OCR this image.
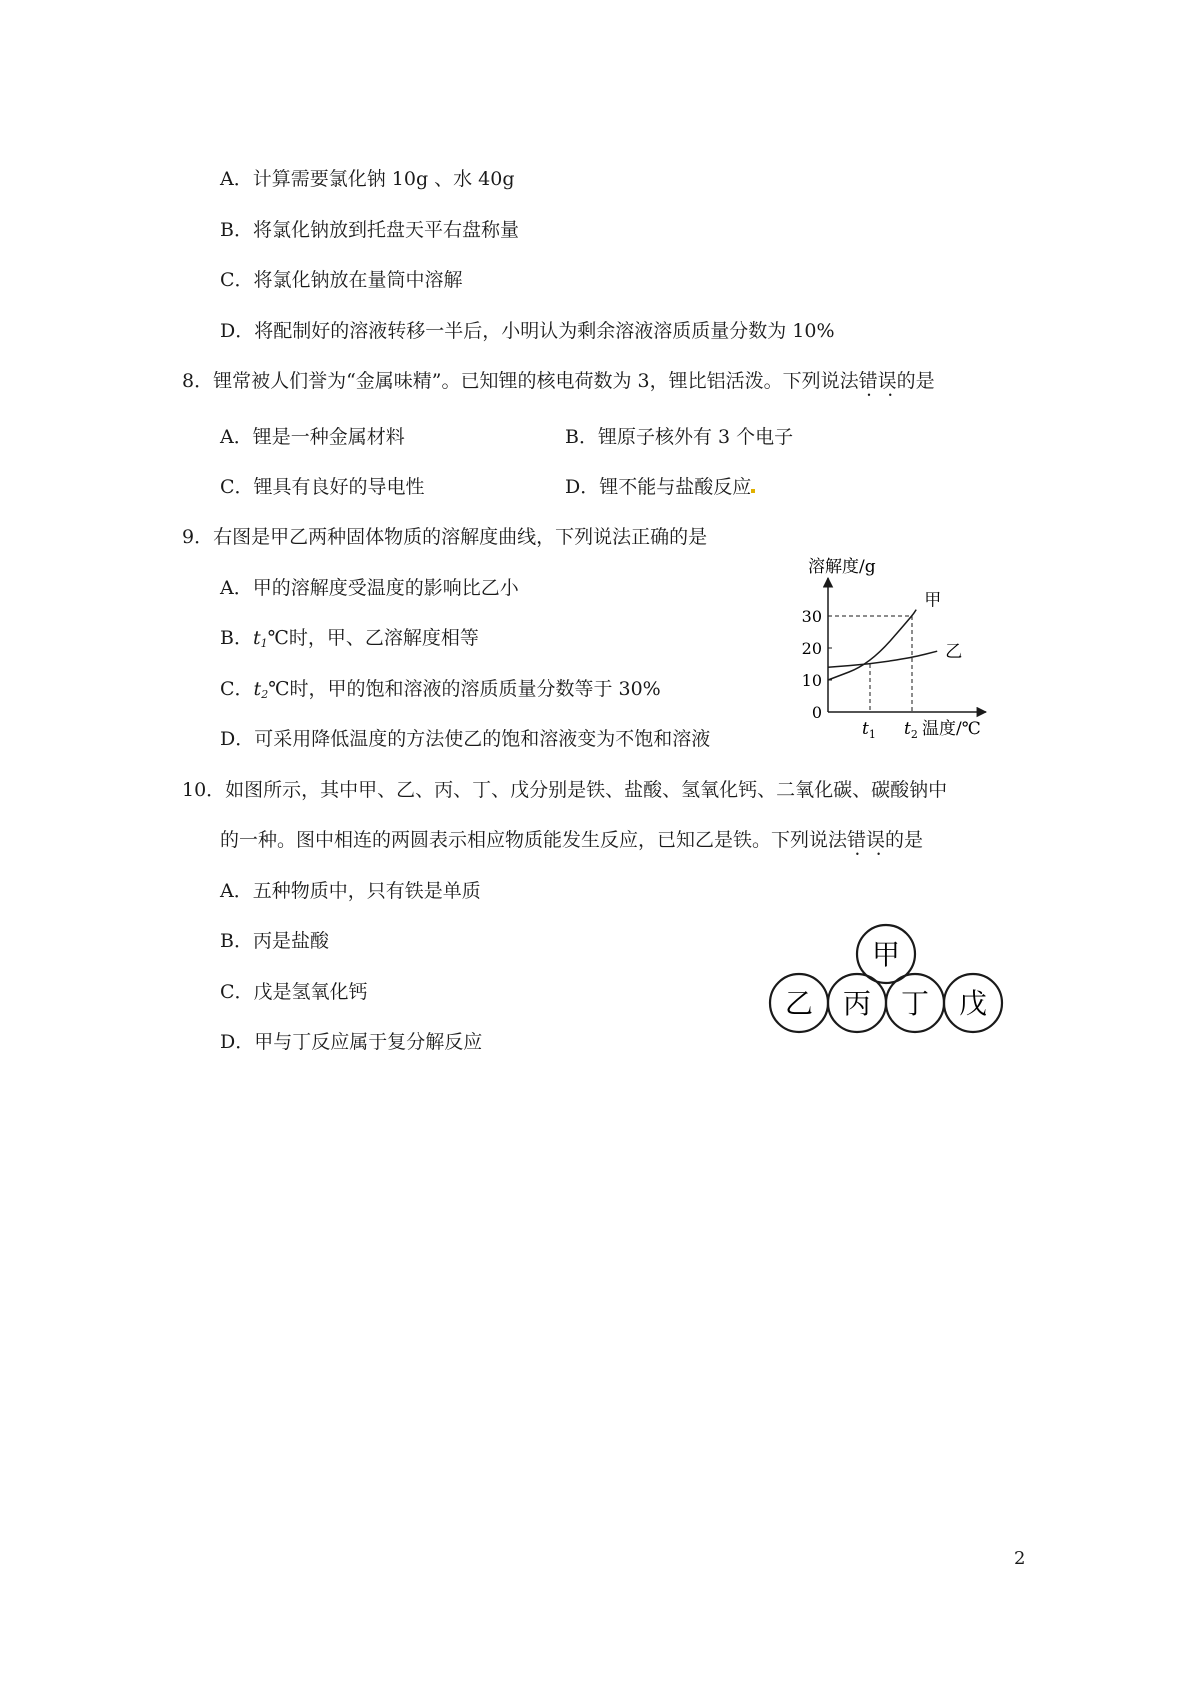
A．计算需要氯化钠 10g 、水 40g
B．将氯化钠放到托盘天平右盘称量
C．将氯化钠放在量筒中溶解
D．将配制好的溶液转移一半后，小明认为剩余溶液溶质质量分数为 10%
8．锂常被人们誉为“金属味精”。已知锂的核电荷数为 3，锂比铝活泼。下列说法错误 • •的是
A．锂是一种金属材料	B．锂原子核外有 3 个电子
C．锂具有良好的导电性	D．锂不能与盐酸反应
9．右图是甲乙两种固体物质的溶解度曲线，下列说法正确的是
A．甲的溶解度受温度的影响比乙小
B．$t_1℃$时，甲、乙溶解度相等
C．$t_2℃$时，甲的饱和溶液的溶质质量分数等于 30%
D．可采用降低温度的方法使乙的饱和溶液变为不饱和溶液
溶解度/g
0
10
20
30
甲
乙
$t_1$ $t_2$ 温度/℃
10．如图所示，其中甲、乙、丙、丁、戊分别是铁、盐酸、氢氧化钙、二氧化碳、碳酸钠中
的一种。图中相连的两圆表示相应物质能发生反应，已知乙是铁。下列说法错误 • •的是
A．五种物质中，只有铁是单质
B．丙是盐酸
C．戊是氢氧化钙
D．甲与丁反应属于复分解反应
甲
乙 丙 丁 戊
2
